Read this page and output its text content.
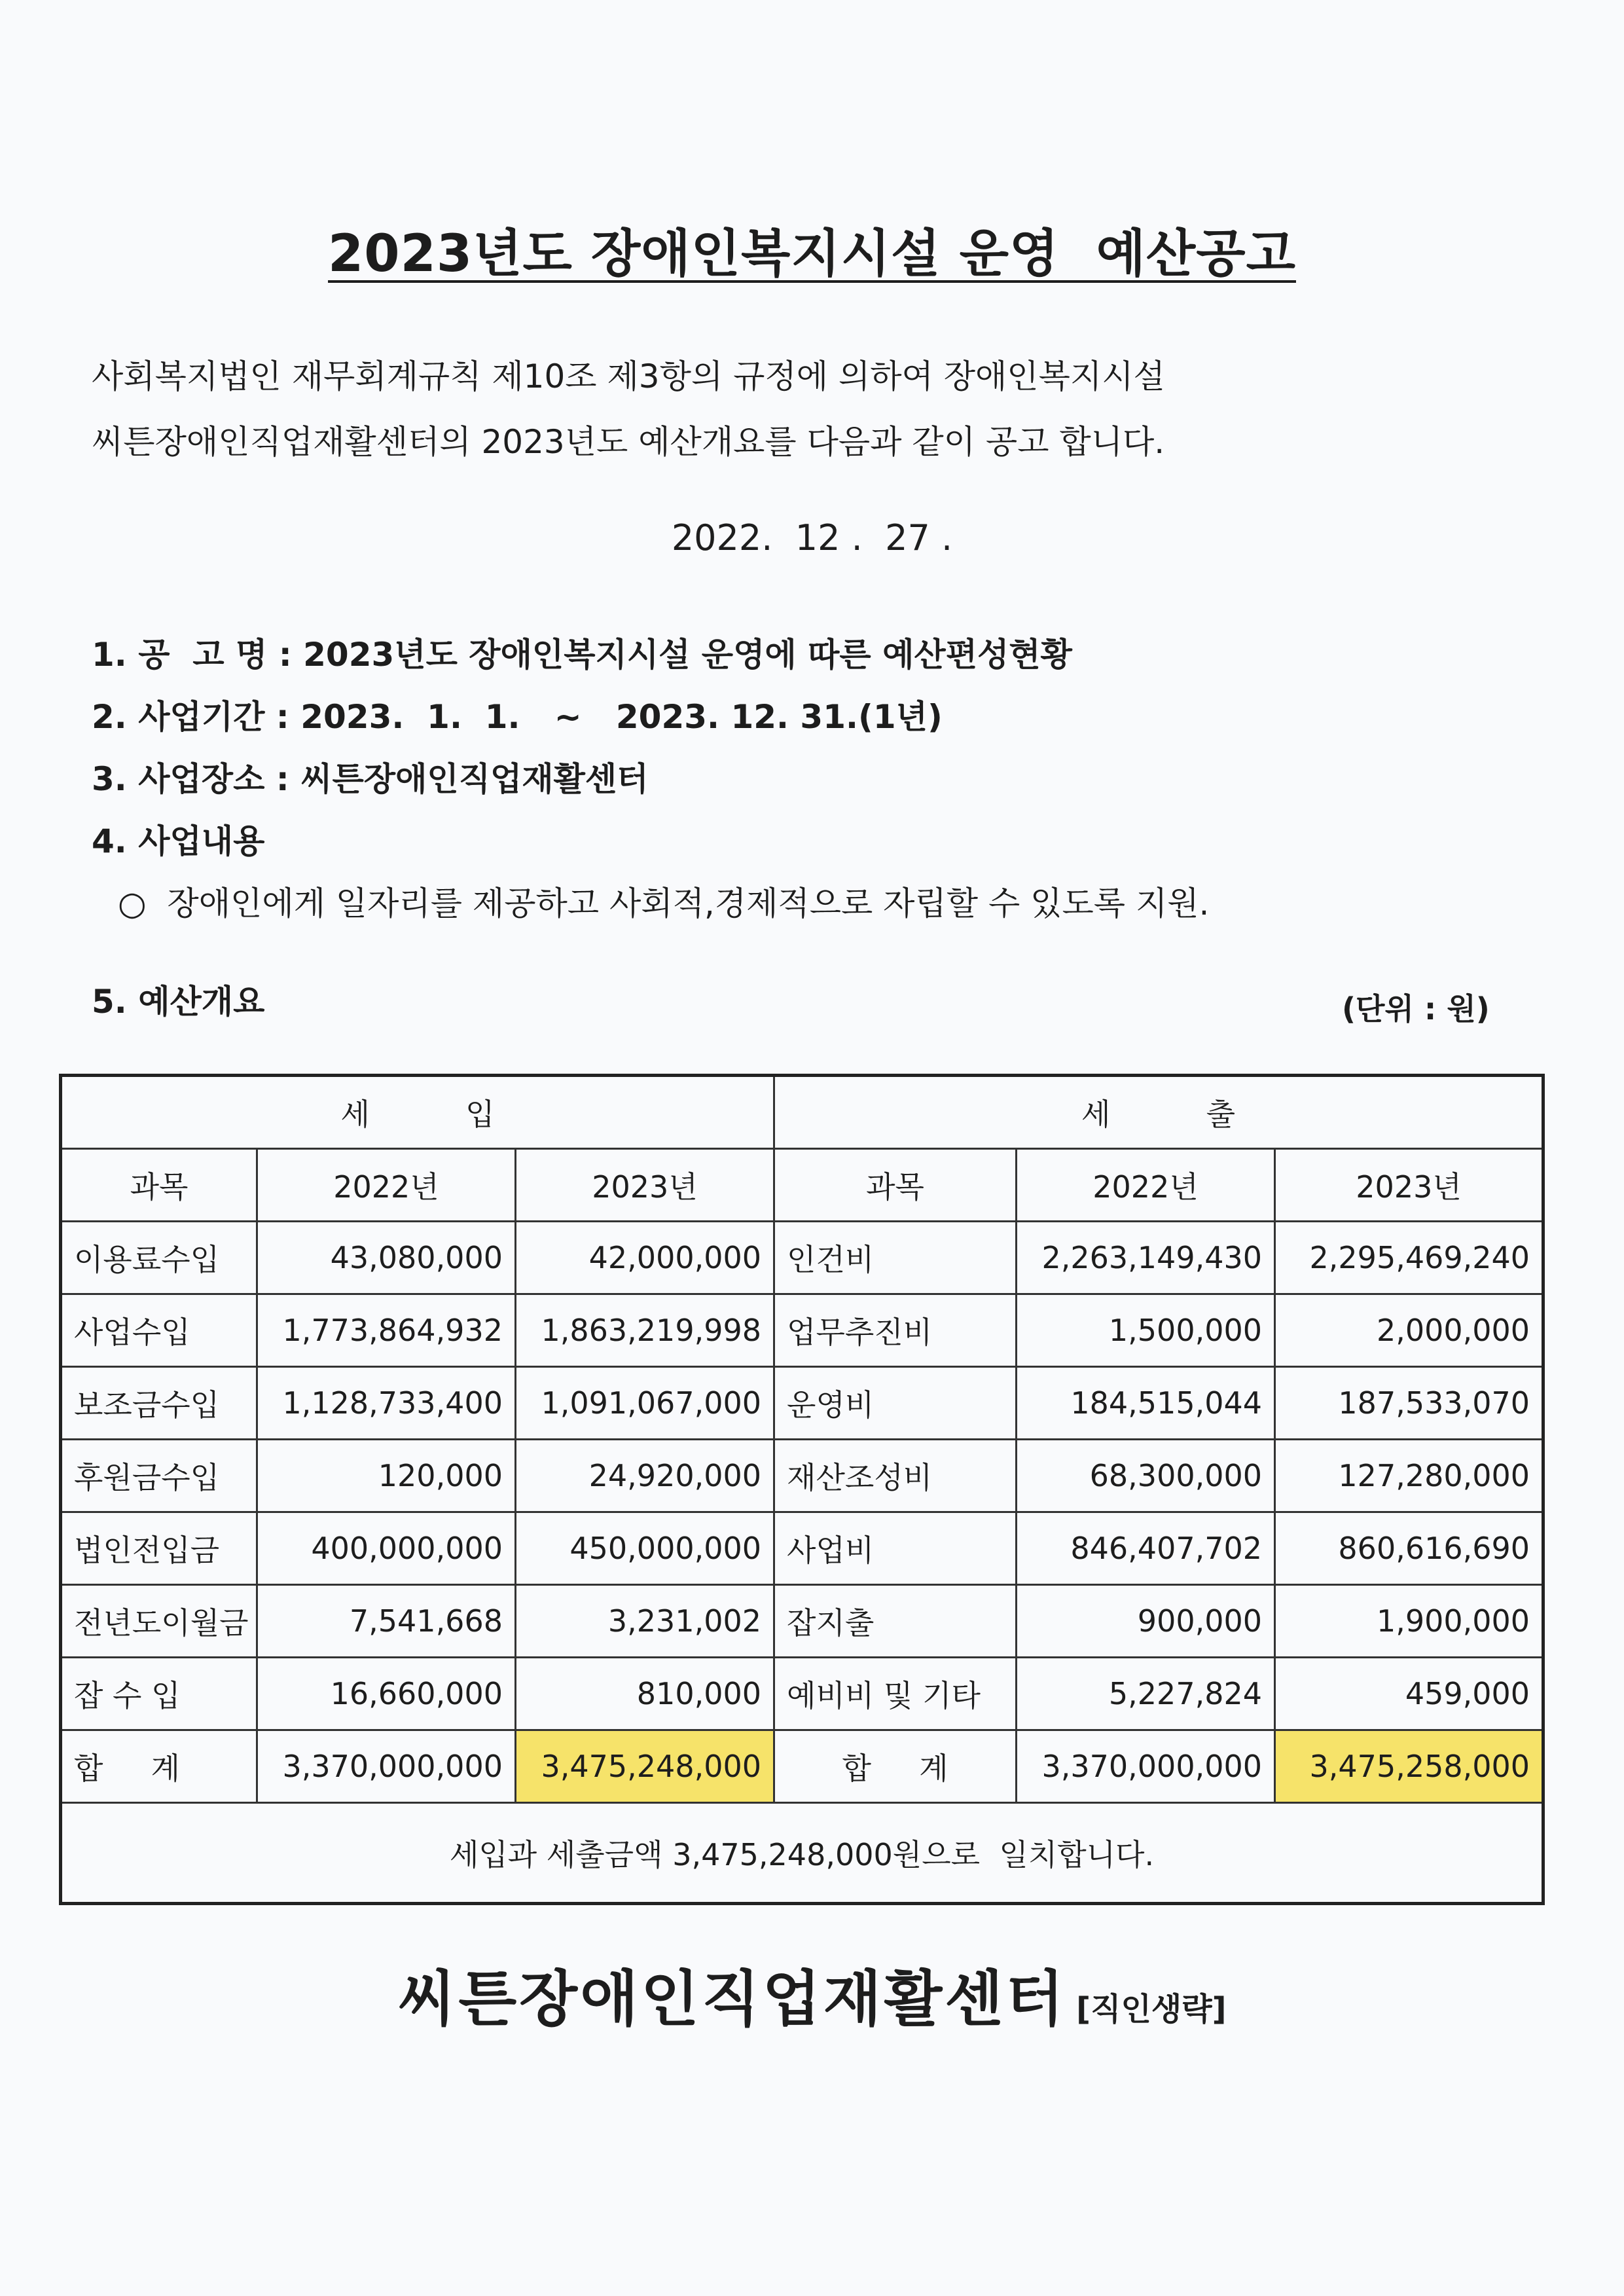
2023년도 장애인복지시설 운영  예산공고
사회복지법인 재무회계규칙 제10조 제3항의 규정에 의하여 장애인복지시설
씨튼장애인직업재활센터의 2023년도 예산개요를 다음과 같이 공고 합니다.
2022.  12 .  27 .
1. 공  고 명 : 2023년도 장애인복지시설 운영에 따른 예산편성현황
2. 사업기간 : 2023.  1.  1.   ~   2023. 12. 31.(1년)
3. 사업장소 : 씨튼장애인직업재활센터
4. 사업내용
○  장애인에게 일자리를 제공하고 사회적,경제적으로 자립할 수 있도록 지원.
5. 예산개요	(단위 : 원)
세          입			세          출		
과목	2022년	2023년	과목	2022년	2023년
이용료수입	43,080,000	42,000,000	인건비	2,263,149,430	2,295,469,240
사업수입	1,773,864,932	1,863,219,998	업무추진비	1,500,000	2,000,000
보조금수입	1,128,733,400	1,091,067,000	운영비	184,515,044	187,533,070
후원금수입	120,000	24,920,000	재산조성비	68,300,000	127,280,000
법인전입금	400,000,000	450,000,000	사업비	846,407,702	860,616,690
전년도이월금	7,541,668	3,231,002	잡지출	900,000	1,900,000
잡 수 입	16,660,000	810,000	예비비 및 기타	5,227,824	459,000
합     계	3,370,000,000	3,475,248,000	합     계	3,370,000,000	3,475,258,000
세입과 세출금액 3,475,248,000원으로  일치합니다.					
씨튼장애인직업재활센터 [직인생략]
